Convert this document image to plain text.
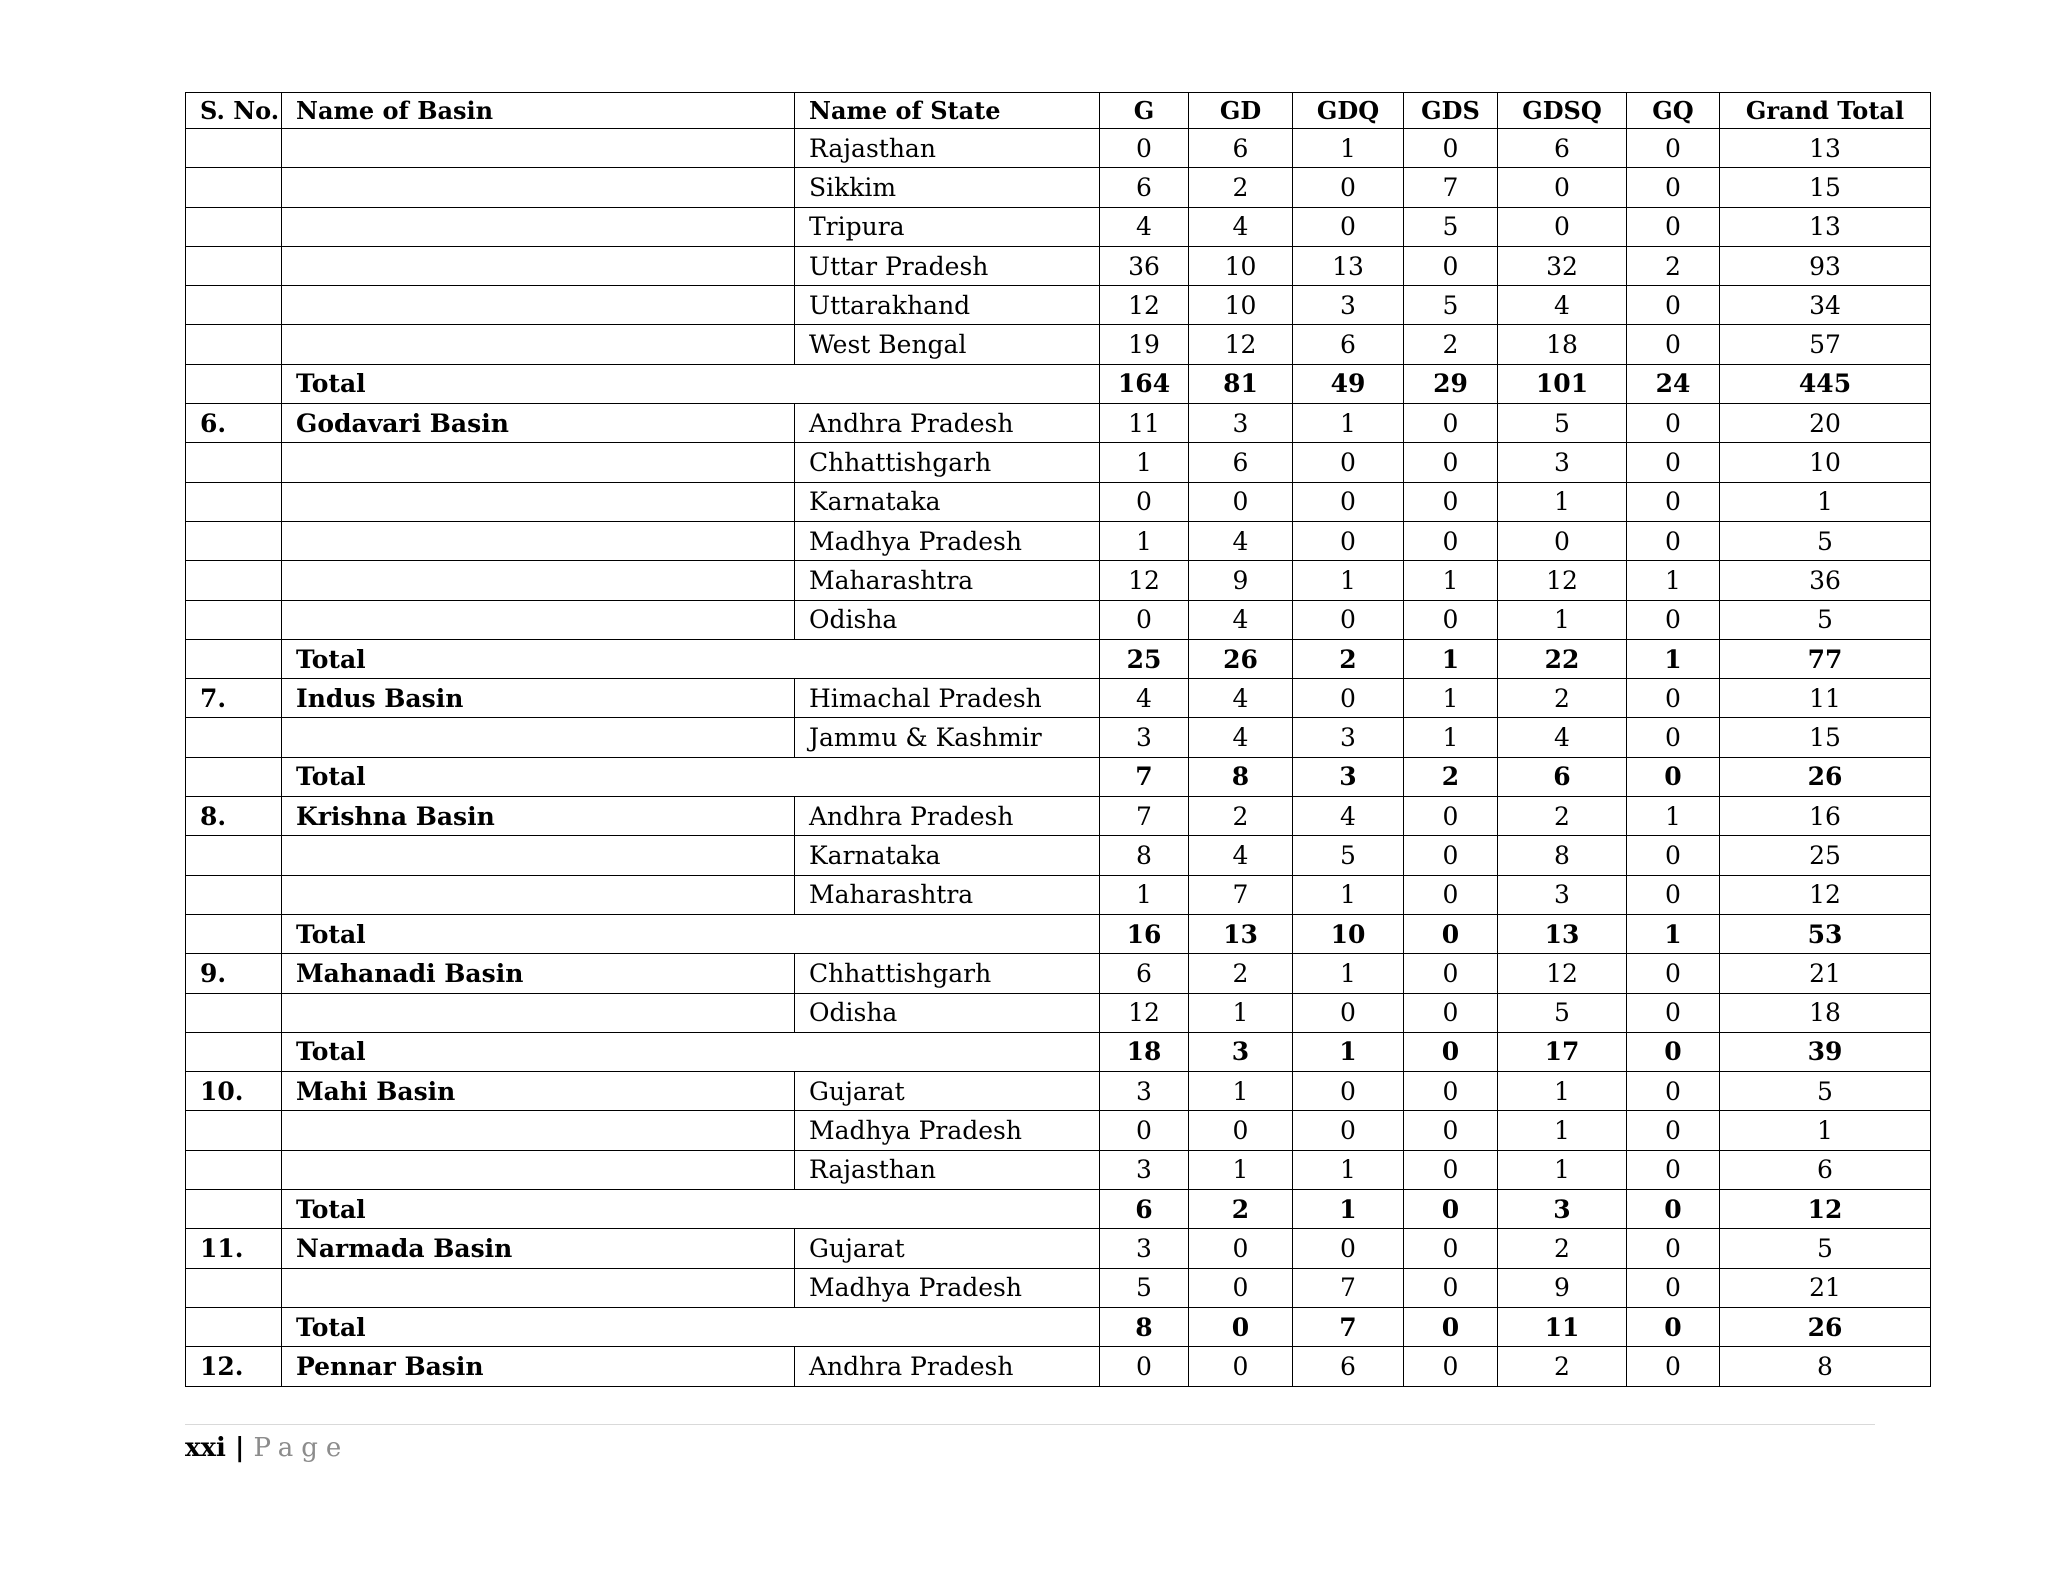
S. No.	Name of Basin	Name of State	G	GD	GDQ	GDS	GDSQ	GQ	Grand Total
		Rajasthan	0	6	1	0	6	0	13
		Sikkim	6	2	0	7	0	0	15
		Tripura	4	4	0	5	0	0	13
		Uttar Pradesh	36	10	13	0	32	2	93
		Uttarakhand	12	10	3	5	4	0	34
		West Bengal	19	12	6	2	18	0	57
	Total		164	81	49	29	101	24	445
6.	Godavari Basin	Andhra Pradesh	11	3	1	0	5	0	20
		Chhattishgarh	1	6	0	0	3	0	10
		Karnataka	0	0	0	0	1	0	1
		Madhya Pradesh	1	4	0	0	0	0	5
		Maharashtra	12	9	1	1	12	1	36
		Odisha	0	4	0	0	1	0	5
	Total		25	26	2	1	22	1	77
7.	Indus Basin	Himachal Pradesh	4	4	0	1	2	0	11
		Jammu & Kashmir	3	4	3	1	4	0	15
	Total		7	8	3	2	6	0	26
8.	Krishna Basin	Andhra Pradesh	7	2	4	0	2	1	16
		Karnataka	8	4	5	0	8	0	25
		Maharashtra	1	7	1	0	3	0	12
	Total		16	13	10	0	13	1	53
9.	Mahanadi Basin	Chhattishgarh	6	2	1	0	12	0	21
		Odisha	12	1	0	0	5	0	18
	Total		18	3	1	0	17	0	39
10.	Mahi Basin	Gujarat	3	1	0	0	1	0	5
		Madhya Pradesh	0	0	0	0	1	0	1
		Rajasthan	3	1	1	0	1	0	6
	Total		6	2	1	0	3	0	12
11.	Narmada Basin	Gujarat	3	0	0	0	2	0	5
		Madhya Pradesh	5	0	7	0	9	0	21
	Total		8	0	7	0	11	0	26
12.	Pennar Basin	Andhra Pradesh	0	0	6	0	2	0	8
xxi | Page
